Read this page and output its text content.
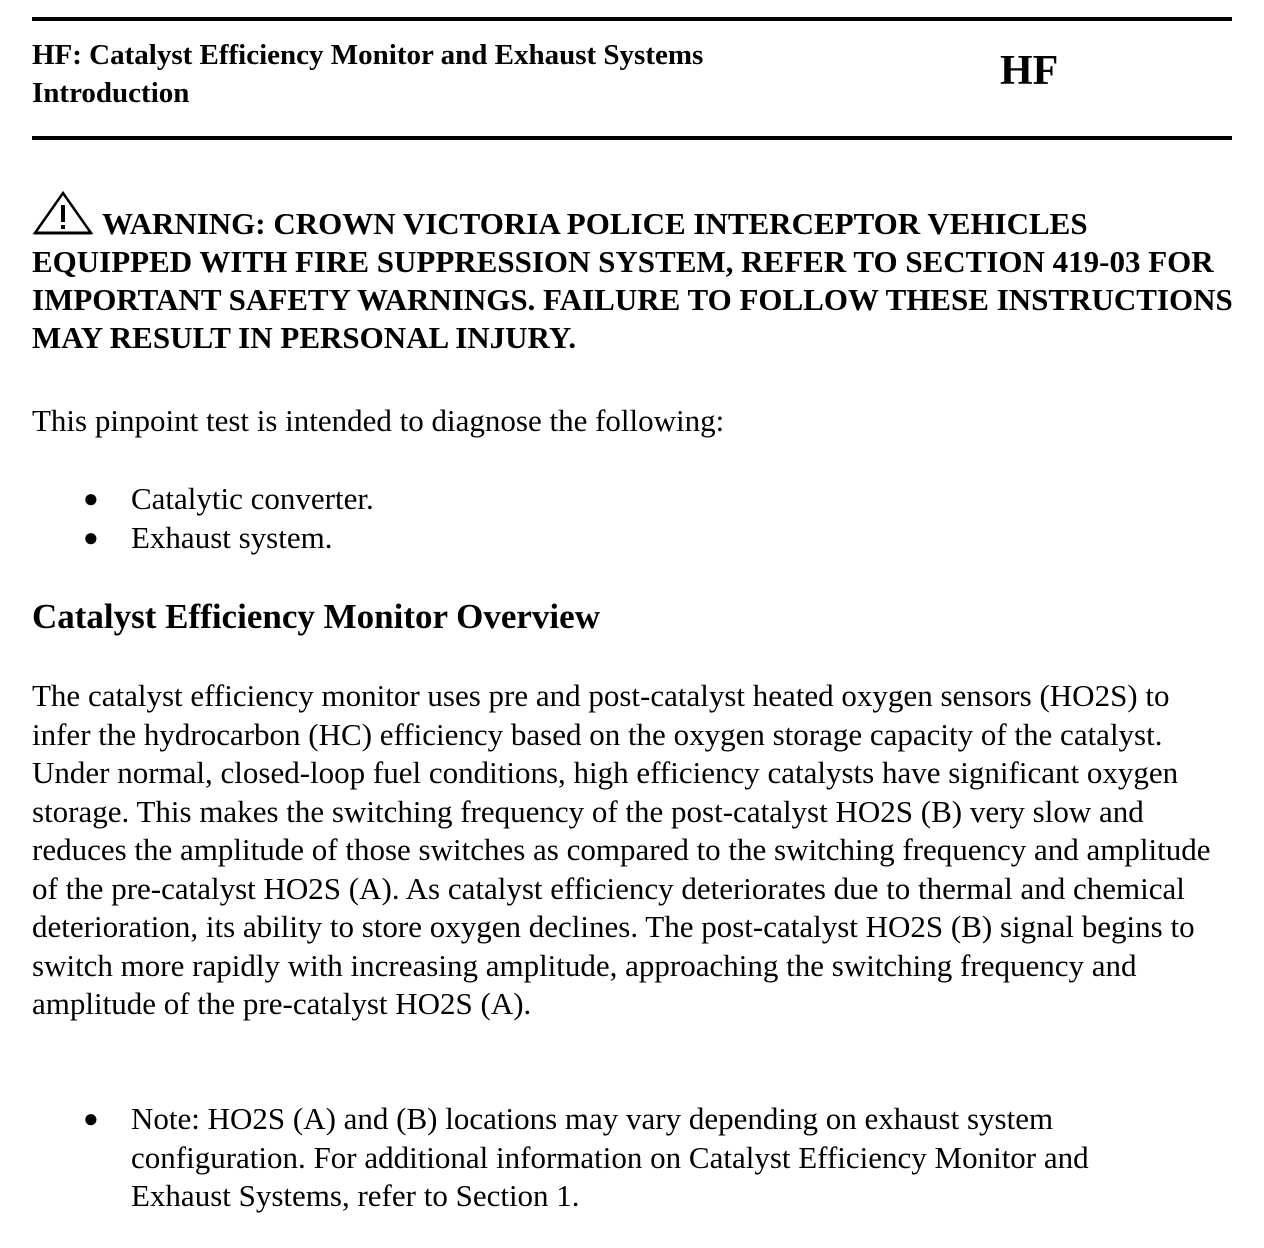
HF: Catalyst Efficiency Monitor and Exhaust Systems
Introduction	HF
WARNING: CROWN VICTORIA POLICE INTERCEPTOR VEHICLES EQUIPPED WITH FIRE SUPPRESSION SYSTEM, REFER TO SECTION 419-03 FOR IMPORTANT SAFETY WARNINGS. FAILURE TO FOLLOW THESE INSTRUCTIONS MAY RESULT IN PERSONAL INJURY.
This pinpoint test is intended to diagnose the following:
● Catalytic converter.
● Exhaust system.
Catalyst Efficiency Monitor Overview
The catalyst efficiency monitor uses pre and post-catalyst heated oxygen sensors (HO2S) to infer the hydrocarbon (HC) efficiency based on the oxygen storage capacity of the catalyst. Under normal, closed-loop fuel conditions, high efficiency catalysts have significant oxygen storage. This makes the switching frequency of the post-catalyst HO2S (B) very slow and reduces the amplitude of those switches as compared to the switching frequency and amplitude of the pre-catalyst HO2S (A). As catalyst efficiency deteriorates due to thermal and chemical deterioration, its ability to store oxygen declines. The post-catalyst HO2S (B) signal begins to switch more rapidly with increasing amplitude, approaching the switching frequency and amplitude of the pre-catalyst HO2S (A).
● Note: HO2S (A) and (B) locations may vary depending on exhaust system configuration. For additional information on Catalyst Efficiency Monitor and Exhaust Systems, refer to Section 1.
